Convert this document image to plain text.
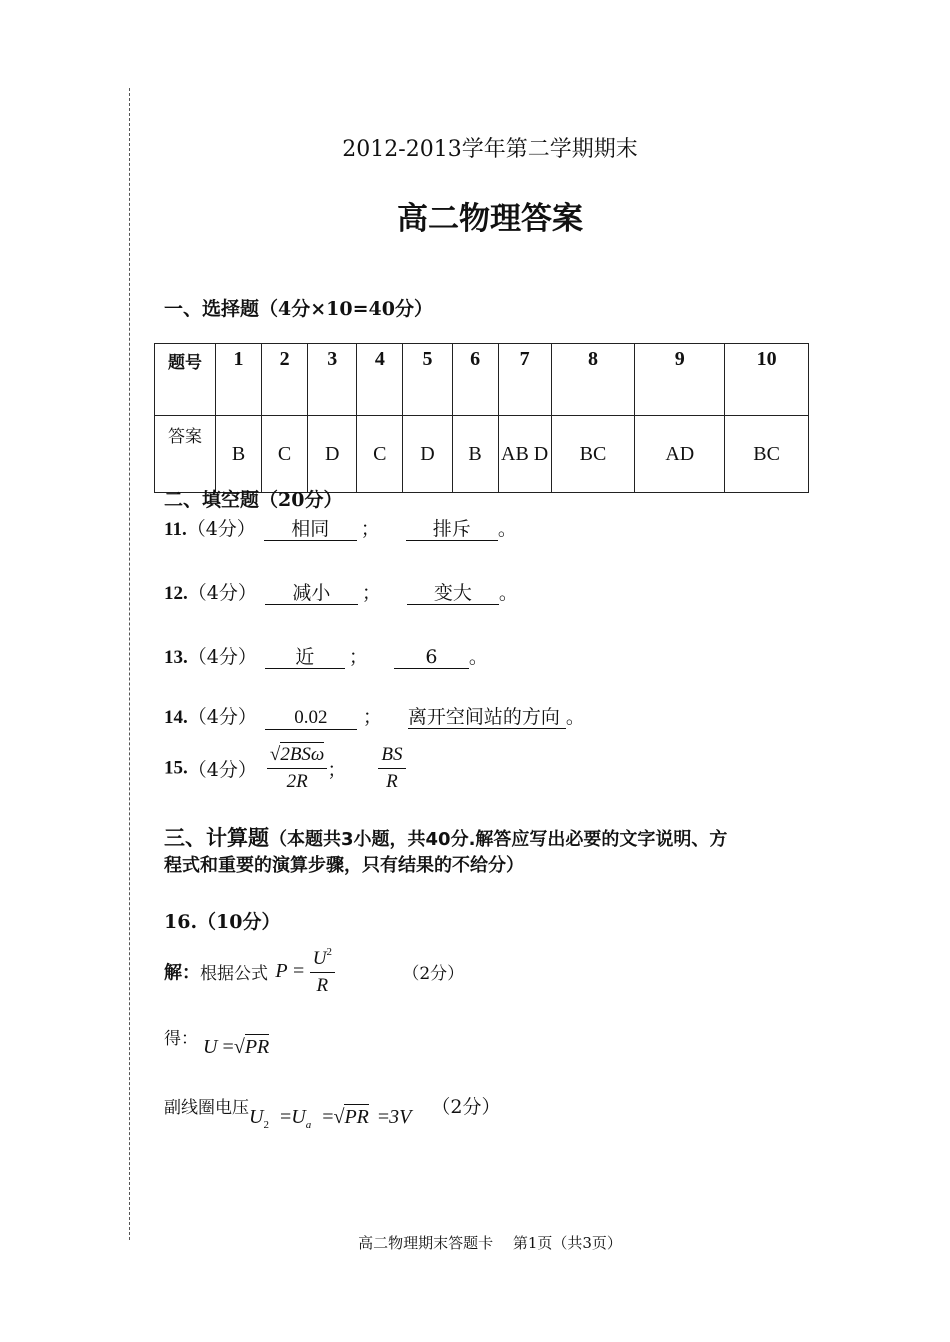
2012-2013学年第二学期期末
高二物理答案
一、选择题（4分×10=40分）
题号	1	2	3	4	5	6	7	8	9	10
答案	B	C	D	C	D	B	AB D	BC	AD	BC
二、填空题（20分）
11.（4分） 相同 ；	排斥 。
12.（4分） 减小 ；	变大 。
13.（4分） 近 ；	6 。
14.（4分） 0.02 ； 离开空间站的方向 。
15.（4分） $\frac{\text{√2BSω}}{2R}$ ； $\frac{BS}{R}$
三、计算题（本题共3小题，共40分.解答应写出必要的文字说明、方
程式和重要的演算步骤，只有结果的不给分）
16.（10分）
解：根据公式 $P = \frac{U^2}{R}$	（2分）
得： U =√PR
副线圈电压$U_2 =U_a =√PR =3V$ （2分）
高二物理期末答题卡　 第1页（共3页）
